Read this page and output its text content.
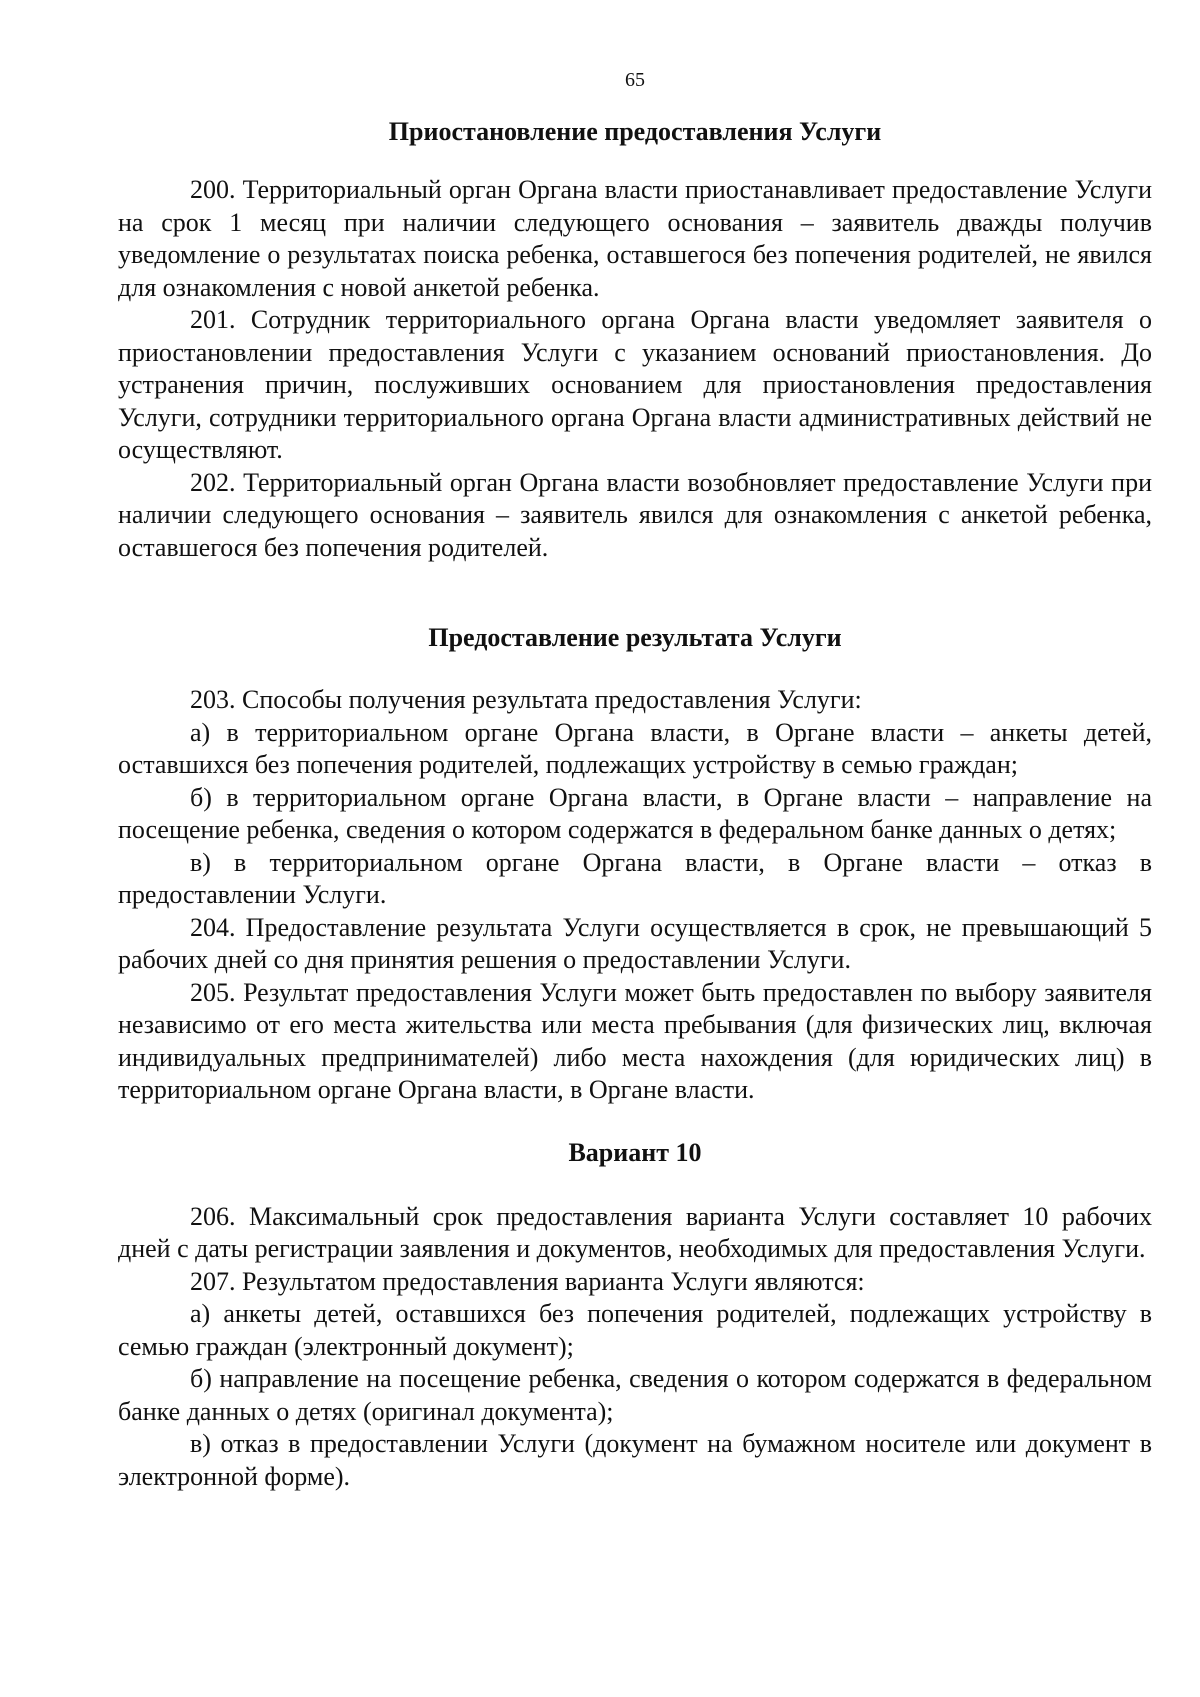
65
Приостановление предоставления Услуги

200. Территориальный орган Органа власти приостанавливает предоставление Услуги на срок 1 месяц при наличии следующего основания – заявитель дважды получив уведомление о результатах поиска ребенка, оставшегося без попечения родителей, не явился для ознакомления с новой анкетой ребенка.

201. Сотрудник территориального органа Органа власти уведомляет заявителя о приостановлении предоставления Услуги с указанием оснований приостановления. До устранения причин, послуживших основанием для приостановления предоставления Услуги, сотрудники территориального органа Органа власти административных действий не осуществляют.

202. Территориальный орган Органа власти возобновляет предоставление Услуги при наличии следующего основания – заявитель явился для ознакомления с анкетой ребенка, оставшегося без попечения родителей.

Предоставление результата Услуги

203. Способы получения результата предоставления Услуги:

а) в территориальном органе Органа власти, в Органе власти – анкеты детей, оставшихся без попечения родителей, подлежащих устройству в семью граждан;

б) в территориальном органе Органа власти, в Органе власти – направление на посещение ребенка, сведения о котором содержатся в федеральном банке данных о детях;

в) в территориальном органе Органа власти, в Органе власти – отказ в предоставлении Услуги.

204. Предоставление результата Услуги осуществляется в срок, не превышающий 5 рабочих дней со дня принятия решения о предоставлении Услуги.

205. Результат предоставления Услуги может быть предоставлен по выбору заявителя независимо от его места жительства или места пребывания (для физических лиц, включая индивидуальных предпринимателей) либо места нахождения (для юридических лиц) в территориальном органе Органа власти, в Органе власти.

Вариант 10

206. Максимальный срок предоставления варианта Услуги составляет 10 рабочих дней с даты регистрации заявления и документов, необходимых для предоставления Услуги.

207. Результатом предоставления варианта Услуги являются:

а) анкеты детей, оставшихся без попечения родителей, подлежащих устройству в семью граждан (электронный документ);

б) направление на посещение ребенка, сведения о котором содержатся в федеральном банке данных о детях (оригинал документа);

в) отказ в предоставлении Услуги (документ на бумажном носителе или документ в электронной форме).
